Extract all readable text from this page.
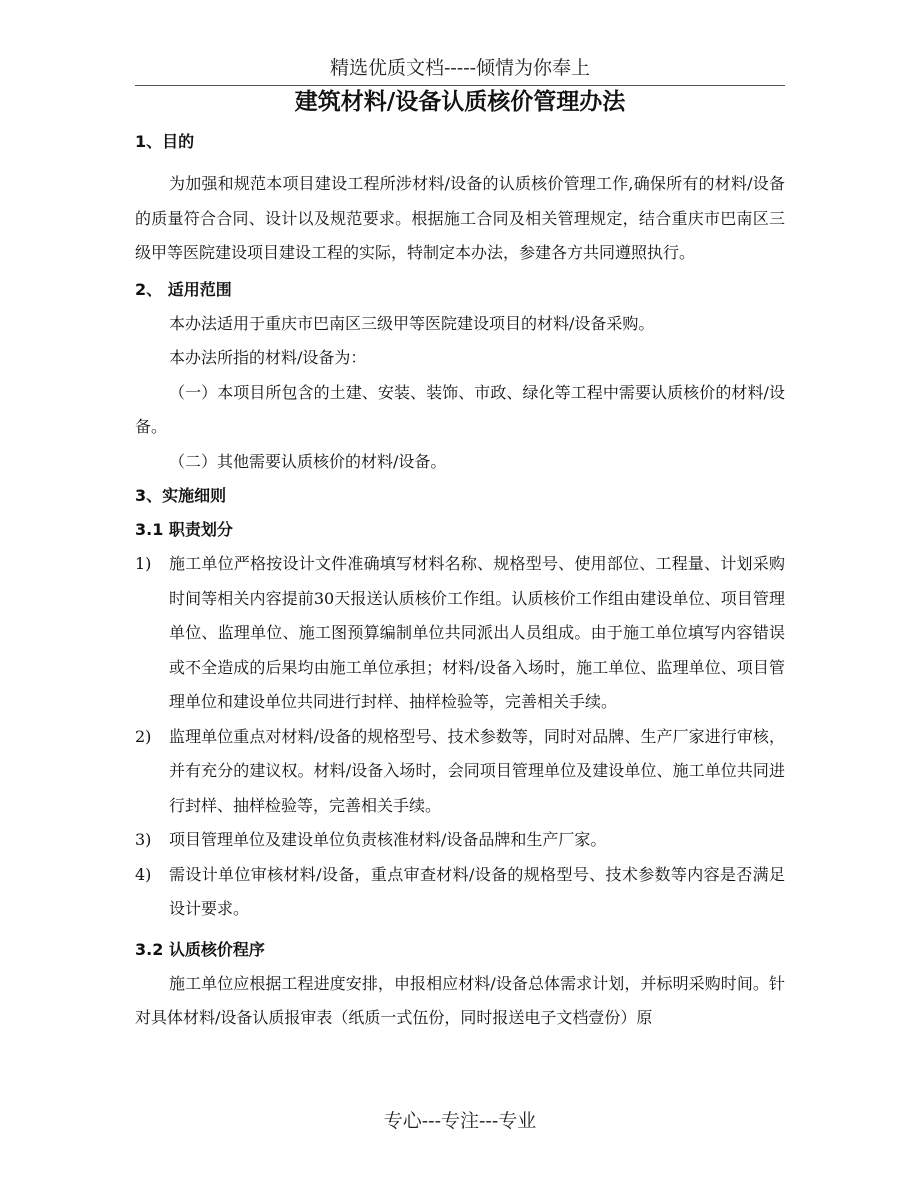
精选优质文档-----倾情为你奉上
建筑材料/设备认质核价管理办法
1、目的

为加强和规范本项目建设工程所涉材料/设备的认质核价管理工作,确保所有的材料/设备的质量符合合同、设计以及规范要求。根据施工合同及相关管理规定，结合重庆市巴南区三级甲等医院建设项目建设工程的实际，特制定本办法，参建各方共同遵照执行。

2、 适用范围

本办法适用于重庆市巴南区三级甲等医院建设项目的材料/设备采购。

本办法所指的材料/设备为：

（一）本项目所包含的土建、安装、装饰、市政、绿化等工程中需要认质核价的材料/设备。

（二）其他需要认质核价的材料/设备。

3、实施细则
3.1 职责划分
1) 施工单位严格按设计文件准确填写材料名称、规格型号、使用部位、工程量、计划采购时间等相关内容提前30天报送认质核价工作组。认质核价工作组由建设单位、项目管理单位、监理单位、施工图预算编制单位共同派出人员组成。由于施工单位填写内容错误或不全造成的后果均由施工单位承担；材料/设备入场时，施工单位、监理单位、项目管理单位和建设单位共同进行封样、抽样检验等，完善相关手续。
2) 监理单位重点对材料/设备的规格型号、技术参数等，同时对品牌、生产厂家进行审核，并有充分的建议权。材料/设备入场时，会同项目管理单位及建设单位、施工单位共同进行封样、抽样检验等，完善相关手续。
3) 项目管理单位及建设单位负责核准材料/设备品牌和生产厂家。
4) 需设计单位审核材料/设备，重点审查材料/设备的规格型号、技术参数等内容是否满足设计要求。
3.2 认质核价程序

施工单位应根据工程进度安排，申报相应材料/设备总体需求计划，并标明采购时间。针对具体材料/设备认质报审表（纸质一式伍份，同时报送电子文档壹份）原

专心---专注---专业
